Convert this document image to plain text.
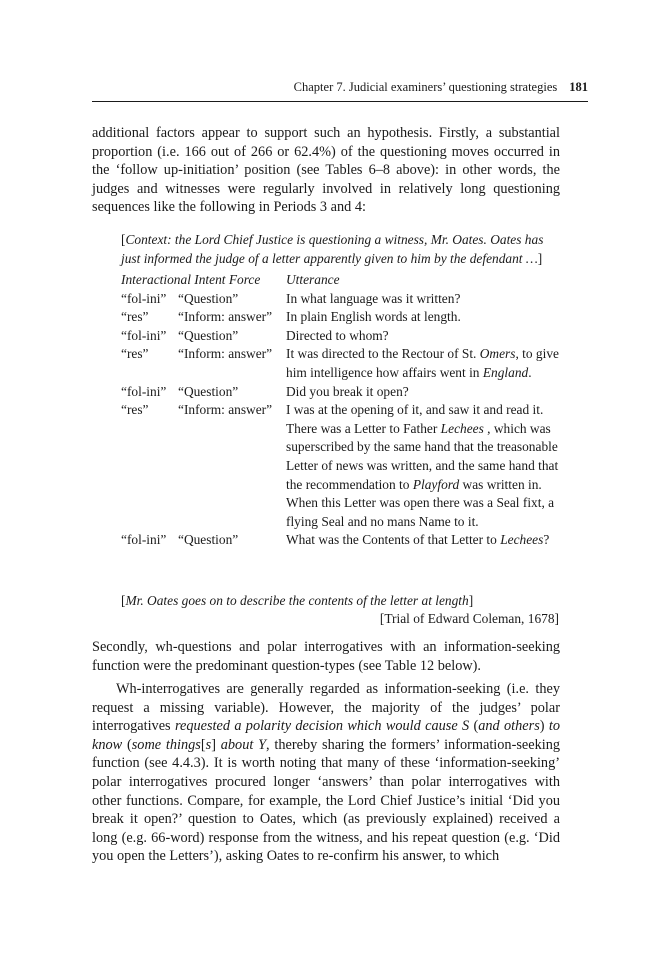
Chapter 7. Judicial examiners’ questioning strategies 181

additional factors appear to support such an hypothesis. Firstly, a substantial proportion (i.e. 166 out of 266 or 62.4%) of the questioning moves occurred in the ‘follow up-initiation’ position (see Tables 6–8 above): in other words, the judges and witnesses were regularly involved in relatively long questioning sequences like the following in Periods 3 and 4:

[Context: the Lord Chief Justice is questioning a witness, Mr. Oates. Oates has just informed the judge of a letter apparently given to him by the defendant …]
Interactional Intent Force		Utterance
“fol-ini”	“Question”	In what language was it written?
“res”	“Inform: answer”	In plain English words at length.
“fol-ini”	“Question”	Directed to whom?
“res”	“Inform: answer”	It was directed to the Rectour of St. Omers, to give him intelligence how affairs went in England.
“fol-ini”	“Question”	Did you break it open?
“res”	“Inform: answer”	I was at the opening of it, and saw it and read it. There was a Letter to Father Lechees , which was superscribed by the same hand that the treasonable Letter of news was written, and the same hand that the recommendation to Playford was written in. When this Letter was open there was a Seal fixt, a flying Seal and no mans Name to it.
“fol-ini”	“Question”	What was the Contents of that Letter to Lechees?
[Mr. Oates goes on to describe the contents of the letter at length]
[Trial of Edward Coleman, 1678]

Secondly, wh-questions and polar interrogatives with an information-seeking function were the predominant question-types (see Table 12 below).

Wh-interrogatives are generally regarded as information-seeking (i.e. they request a missing variable). However, the majority of the judges’ polar interrogatives requested a polarity decision which would cause S (and others) to know (some things[s] about Y, thereby sharing the formers’ information-seeking function (see 4.4.3). It is worth noting that many of these ‘information-seeking’ polar interrogatives procured longer ‘answers’ than polar interrogatives with other functions. Compare, for example, the Lord Chief Justice’s initial ‘Did you break it open?’ question to Oates, which (as previously explained) received a long (e.g. 66-word) response from the witness, and his repeat question (e.g. ‘Did you open the Letters’), asking Oates to re-confirm his answer, to which
